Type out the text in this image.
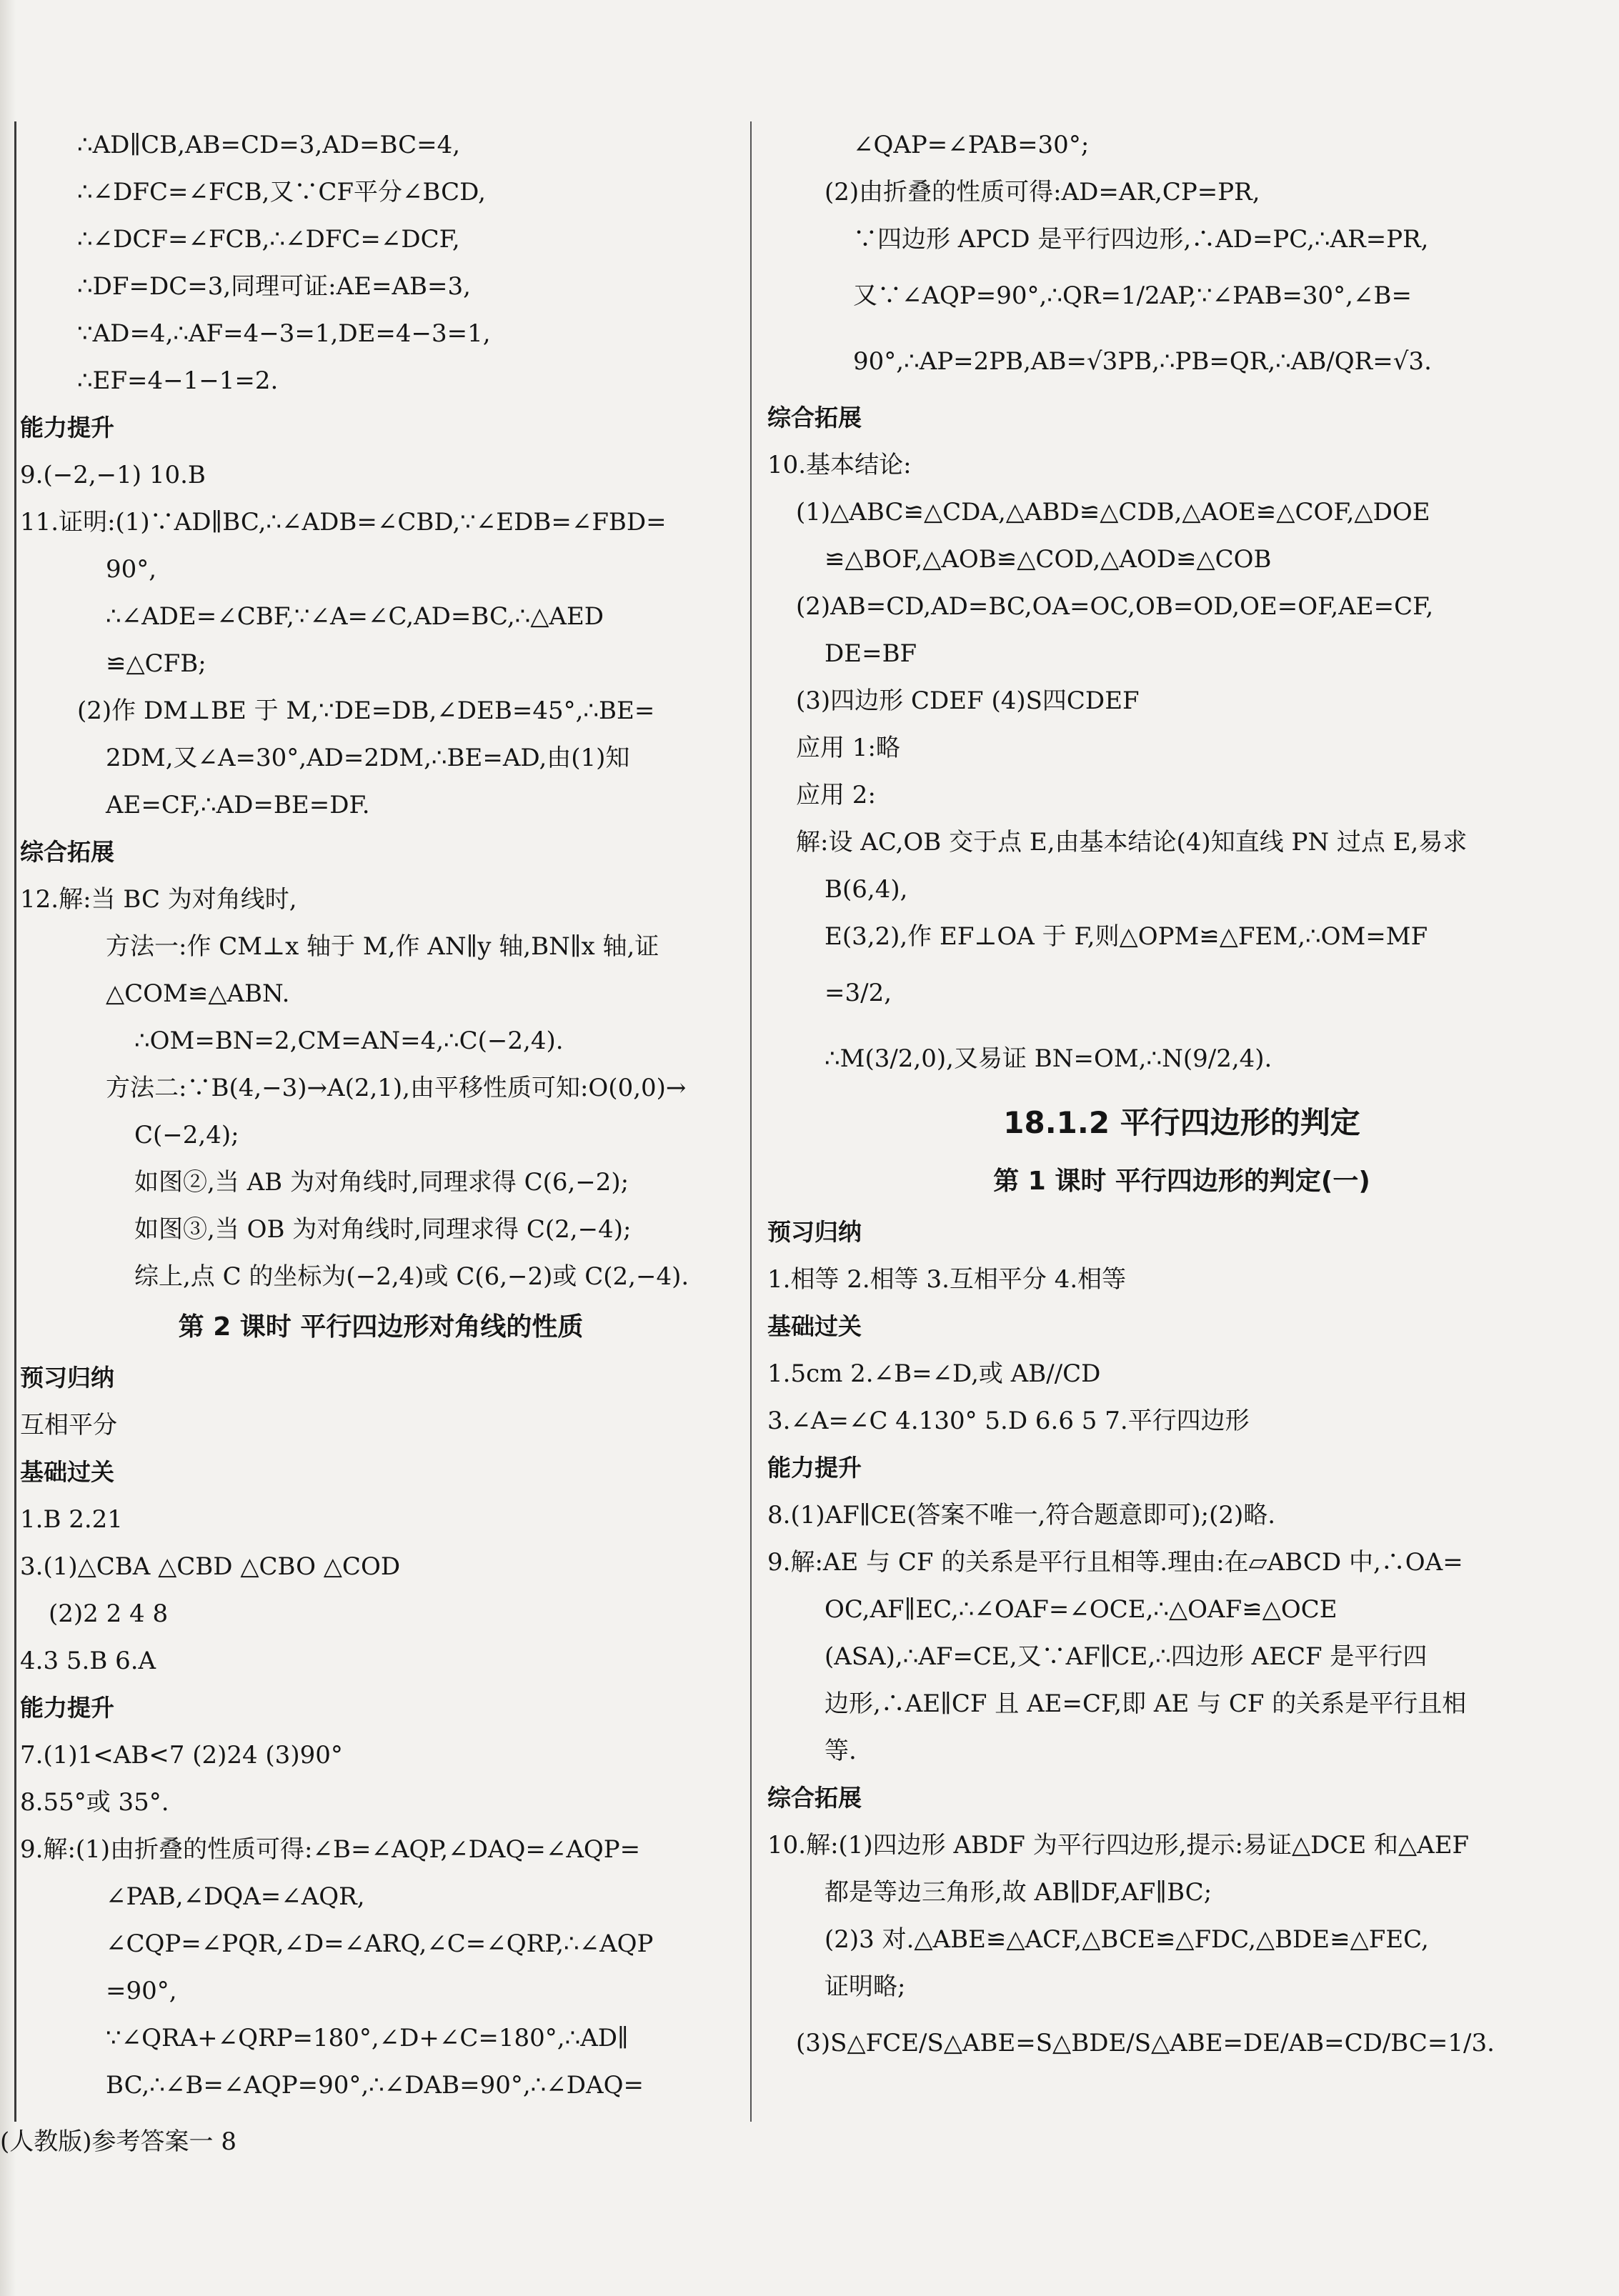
∴AD∥CB,AB=CD=3,AD=BC=4,
∴∠DFC=∠FCB,又∵CF平分∠BCD,
∴∠DCF=∠FCB,∴∠DFC=∠DCF,
∴DF=DC=3,同理可证:AE=AB=3,
∵AD=4,∴AF=4−3=1,DE=4−3=1,
∴EF=4−1−1=2.
能力提升
9.(−2,−1) 10.B
11.证明:(1)∵AD∥BC,∴∠ADB=∠CBD,∵∠EDB=∠FBD=
90°,
∴∠ADE=∠CBF,∵∠A=∠C,AD=BC,∴△AED
≌△CFB;
(2)作 DM⊥BE 于 M,∵DE=DB,∠DEB=45°,∴BE=
2DM,又∠A=30°,AD=2DM,∴BE=AD,由(1)知
AE=CF,∴AD=BE=DF.
综合拓展
12.解:当 BC 为对角线时,
方法一:作 CM⊥x 轴于 M,作 AN∥y 轴,BN∥x 轴,证
△COM≌△ABN.
∴OM=BN=2,CM=AN=4,∴C(−2,4).
方法二:∵B(4,−3)→A(2,1),由平移性质可知:O(0,0)→
C(−2,4);
如图②,当 AB 为对角线时,同理求得 C(6,−2);
如图③,当 OB 为对角线时,同理求得 C(2,−4);
综上,点 C 的坐标为(−2,4)或 C(6,−2)或 C(2,−4).
第 2 课时 平行四边形对角线的性质
预习归纳
互相平分
基础过关
1.B 2.21
3.(1)△CBA △CBD △CBO △COD
(2)2 2 4 8
4.3 5.B 6.A
能力提升
7.(1)1<AB<7 (2)24 (3)90°
8.55°或 35°.
9.解:(1)由折叠的性质可得:∠B=∠AQP,∠DAQ=∠AQP=
∠PAB,∠DQA=∠AQR,
∠CQP=∠PQR,∠D=∠ARQ,∠C=∠QRP,∴∠AQP
=90°,
∵∠QRA+∠QRP=180°,∠D+∠C=180°,∴AD∥
BC,∴∠B=∠AQP=90°,∴∠DAB=90°,∴∠DAQ=
∠QAP=∠PAB=30°;
(2)由折叠的性质可得:AD=AR,CP=PR,
∵四边形 APCD 是平行四边形,∴AD=PC,∴AR=PR,
又∵∠AQP=90°,∴QR=1/2AP,∵∠PAB=30°,∠B=
90°,∴AP=2PB,AB=√3PB,∴PB=QR,∴AB/QR=√3.
综合拓展
10.基本结论:
(1)△ABC≌△CDA,△ABD≌△CDB,△AOE≌△COF,△DOE
≌△BOF,△AOB≌△COD,△AOD≌△COB
(2)AB=CD,AD=BC,OA=OC,OB=OD,OE=OF,AE=CF,
DE=BF
(3)四边形 CDEF (4)S四CDEF
应用 1:略
应用 2:
解:设 AC,OB 交于点 E,由基本结论(4)知直线 PN 过点 E,易求
B(6,4),
E(3,2),作 EF⊥OA 于 F,则△OPM≌△FEM,∴OM=MF
=3/2,
∴M(3/2,0),又易证 BN=OM,∴N(9/2,4).
18.1.2 平行四边形的判定
第 1 课时 平行四边形的判定(一)
预习归纳
1.相等 2.相等 3.互相平分 4.相等
基础过关
1.5cm 2.∠B=∠D,或 AB//CD
3.∠A=∠C 4.130° 5.D 6.6 5 7.平行四边形
能力提升
8.(1)AF∥CE(答案不唯一,符合题意即可);(2)略.
9.解:AE 与 CF 的关系是平行且相等.理由:在▱ABCD 中,∴OA=
OC,AF∥EC,∴∠OAF=∠OCE,∴△OAF≌△OCE
(ASA),∴AF=CE,又∵AF∥CE,∴四边形 AECF 是平行四
边形,∴AE∥CF 且 AE=CF,即 AE 与 CF 的关系是平行且相
等.
综合拓展
10.解:(1)四边形 ABDF 为平行四边形,提示:易证△DCE 和△AEF
都是等边三角形,故 AB∥DF,AF∥BC;
(2)3 对.△ABE≌△ACF,△BCE≌△FDC,△BDE≌△FEC,
证明略;
(3)S△FCE/S△ABE=S△BDE/S△ABE=DE/AB=CD/BC=1/3.
(人教版)参考答案一 8
